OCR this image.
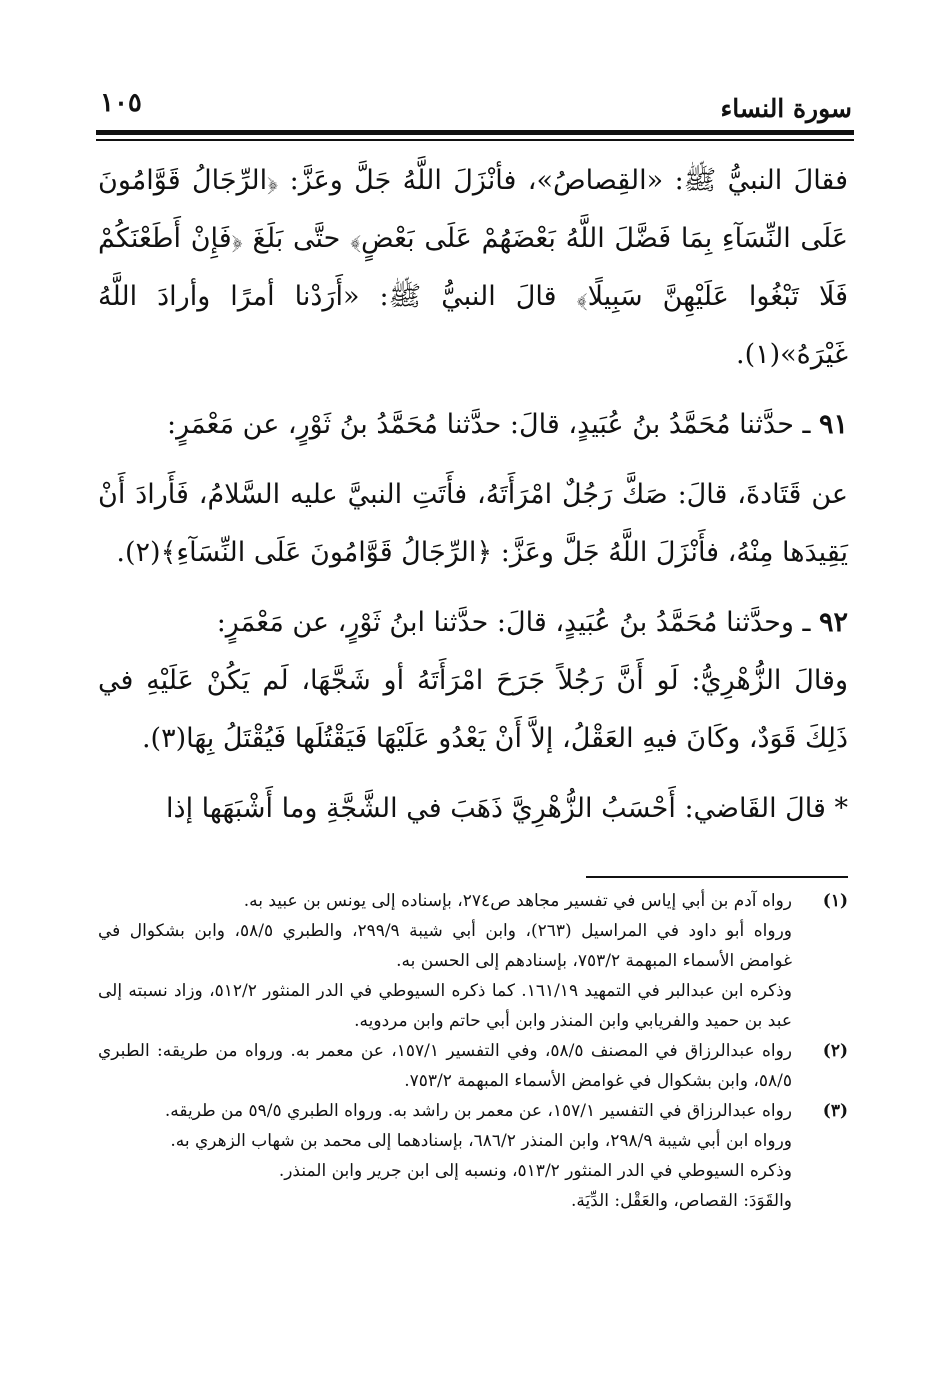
سورة النساء
١٠٥

فقالَ النبيُّ ﷺ: «القِصاصُ»، فأنْزَلَ اللَّهُ جَلَّ وعَزَّ: ﴿الرِّجَالُ قَوَّامُونَ عَلَى النِّسَآءِ بِمَا فَضَّلَ اللَّهُ بَعْضَهُمْ عَلَى بَعْضٍ﴾ حتَّى بَلَغَ ﴿فَإِنْ أَطَعْنَكُمْ فَلَا تَبْغُوا عَلَيْهِنَّ سَبِيلًا﴾ قالَ النبيُّ ﷺ: «أَرَدْنا أمرًا وأرادَ اللَّهُ غَيْرَهُ»(١).

٩١ ـ حدَّثنا مُحَمَّدُ بنُ عُبَيدٍ، قالَ: حدَّثنا مُحَمَّدُ بنُ ثَوْرٍ، عن مَعْمَرٍ:

عن قَتَادةَ، قالَ: صَكَّ رَجُلٌ امْرَأَتَهُ، فأَتَتِ النبيَّ عليه السَّلامُ، فَأَرادَ أَنْ يَقِيدَها مِنْهُ، فأَنْزَلَ اللَّهُ جَلَّ وعَزَّ: ﴿الرِّجَالُ قَوَّامُونَ عَلَى النِّسَآءِ﴾(٢).

٩٢ ـ وحدَّثنا مُحَمَّدُ بنُ عُبَيدٍ، قالَ: حدَّثنا ابنُ ثَوْرٍ، عن مَعْمَرٍ:

وقالَ الزُّهْرِيُّ: لَو أَنَّ رَجُلاً جَرَحَ امْرَأَتَهُ أو شَجَّهَا، لَم يَكُنْ عَلَيْهِ في ذَلِكَ قَوَدٌ، وكَانَ فيهِ العَقْلُ، إلاَّ أَنْ يَعْدُو عَلَيْهَا فَيَقْتُلَها فَيُقْتَلُ بِهَا(٣).

* قالَ القَاضي: أَحْسَبُ الزُّهْرِيَّ ذَهَبَ في الشَّجَّةِ وما أَشْبَهَها إذا

(١)

رواه آدم بن أبي إياس في تفسير مجاهد ص٢٧٤، بإسناده إلى يونس بن عبيد به.

ورواه أبو داود في المراسيل (٢٦٣)، وابن أبي شيبة ٢٩٩/٩، والطبري ٥٨/٥، وابن بشكوال في غوامض الأسماء المبهمة ٧٥٣/٢، بإسنادهم إلى الحسن به.

وذكره ابن عبدالبر في التمهيد ١٦١/١٩. كما ذكره السيوطي في الدر المنثور ٥١٢/٢، وزاد نسبته إلى عبد بن حميد والفريابي وابن المنذر وابن أبي حاتم وابن مردويه.

(٢)

رواه عبدالرزاق في المصنف ٥٨/٥، وفي التفسير ١٥٧/١، عن معمر به. ورواه من طريقه: الطبري ٥٨/٥، وابن بشكوال في غوامض الأسماء المبهمة ٧٥٣/٢.

(٣)

رواه عبدالرزاق في التفسير ١٥٧/١، عن معمر بن راشد به. ورواه الطبري ٥٩/٥ من طريقه.

ورواه ابن أبي شيبة ٢٩٨/٩، وابن المنذر ٦٨٦/٢، بإسنادهما إلى محمد بن شهاب الزهري به.

وذكره السيوطي في الدر المنثور ٥١٣/٢، ونسبه إلى ابن جرير وابن المنذر.

والقَوَدَ: القصاص، والعَقْل: الدِّيَة.
